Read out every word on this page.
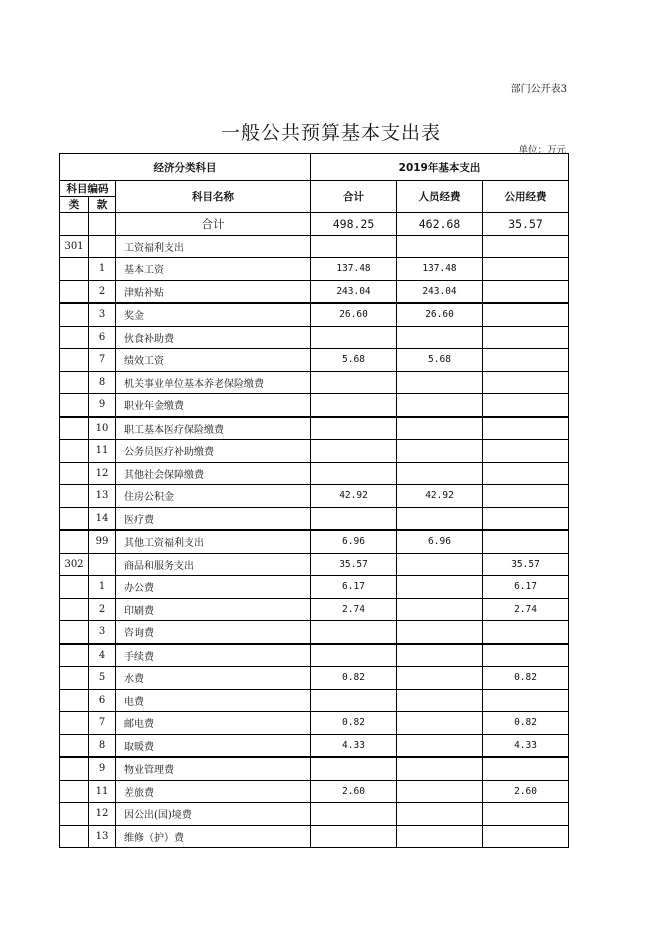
部门公开表3
一般公共预算基本支出表
单位：万元
经济分类科目			2019年基本支出		
科目编码		科目名称	合计	人员经费	公用经费
类	款				
		合计	498.25	462.68	35.57
301		工资福利支出			
	1	基本工资	137.48	137.48	
	2	津贴补贴	243.04	243.04	
	3	奖金	26.60	26.60	
	6	伙食补助费			
	7	绩效工资	5.68	5.68	
	8	机关事业单位基本养老保险缴费			
	9	职业年金缴费			
	10	职工基本医疗保险缴费			
	11	公务员医疗补助缴费			
	12	其他社会保障缴费			
	13	住房公积金	42.92	42.92	
	14	医疗费			
	99	其他工资福利支出	6.96	6.96	
302		商品和服务支出	35.57		35.57
	1	办公费	6.17		6.17
	2	印刷费	2.74		2.74
	3	咨询费			
	4	手续费			
	5	水费	0.82		0.82
	6	电费			
	7	邮电费	0.82		0.82
	8	取暖费	4.33		4.33
	9	物业管理费			
	11	差旅费	2.60		2.60
	12	因公出(国)境费			
	13	维修（护）费			
